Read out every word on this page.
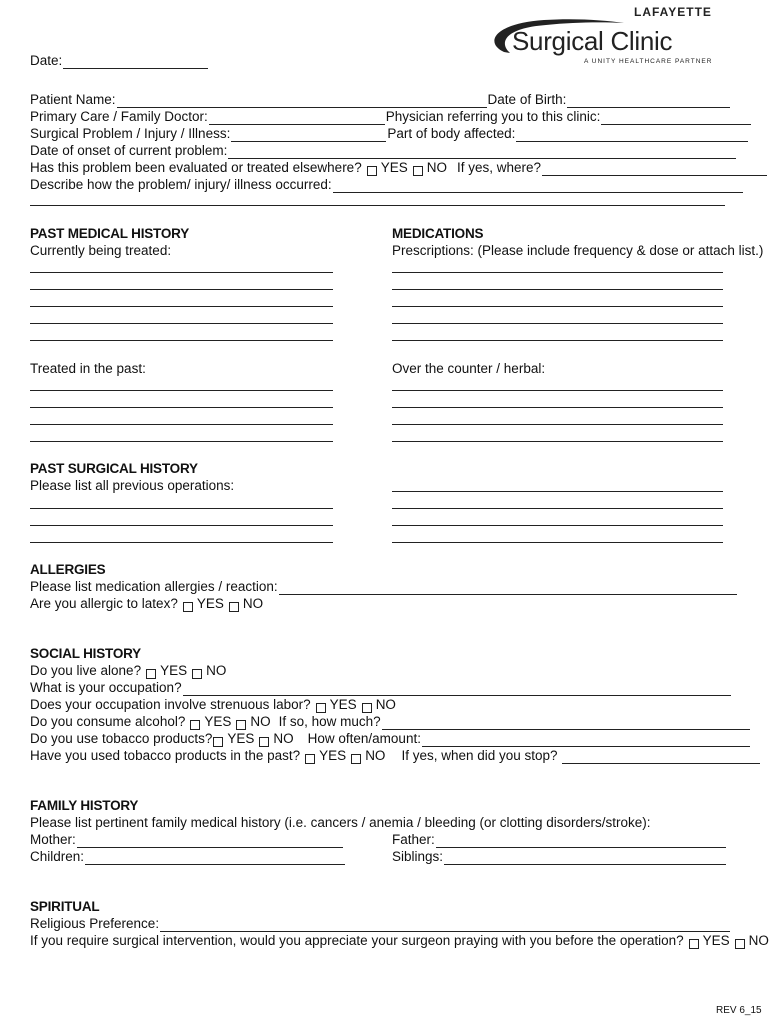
LAFAYETTE
Surgical Clinic
A UNITY HEALTHCARE PARTNER
Date:
Patient Name:	Date of Birth:
Primary Care / Family Doctor:	Physician referring you to this clinic:
Surgical Problem / Injury / Illness:	Part of body affected:
Date of onset of current problem:
Has this problem been evaluated or treated elsewhere? YES NO If yes, where?
Describe how the problem/ injury/ illness occurred:
PAST MEDICAL HISTORY
Currently being treated:
Treated in the past:
MEDICATIONS
Prescriptions: (Please include frequency & dose or attach list.)
Over the counter / herbal:
PAST SURGICAL HISTORY
Please list all previous operations:
ALLERGIES
Please list medication allergies / reaction:
Are you allergic to latex? YES NO
SOCIAL HISTORY
Do you live alone? YES NO
What is your occupation?
Does your occupation involve strenuous labor? YES NO
Do you consume alcohol? YES NO If so, how much?
Do you use tobacco products? YES NO How often/amount:
Have you used tobacco products in the past? YES NO If yes, when did you stop?
FAMILY HISTORY
Please list pertinent family medical history (i.e. cancers / anemia / bleeding (or clotting disorders/stroke):
Mother:	Father:
Children:	Siblings:
SPIRITUAL
Religious Preference:
If you require surgical intervention, would you appreciate your surgeon praying with you before the operation? YES NO
REV 6_15
